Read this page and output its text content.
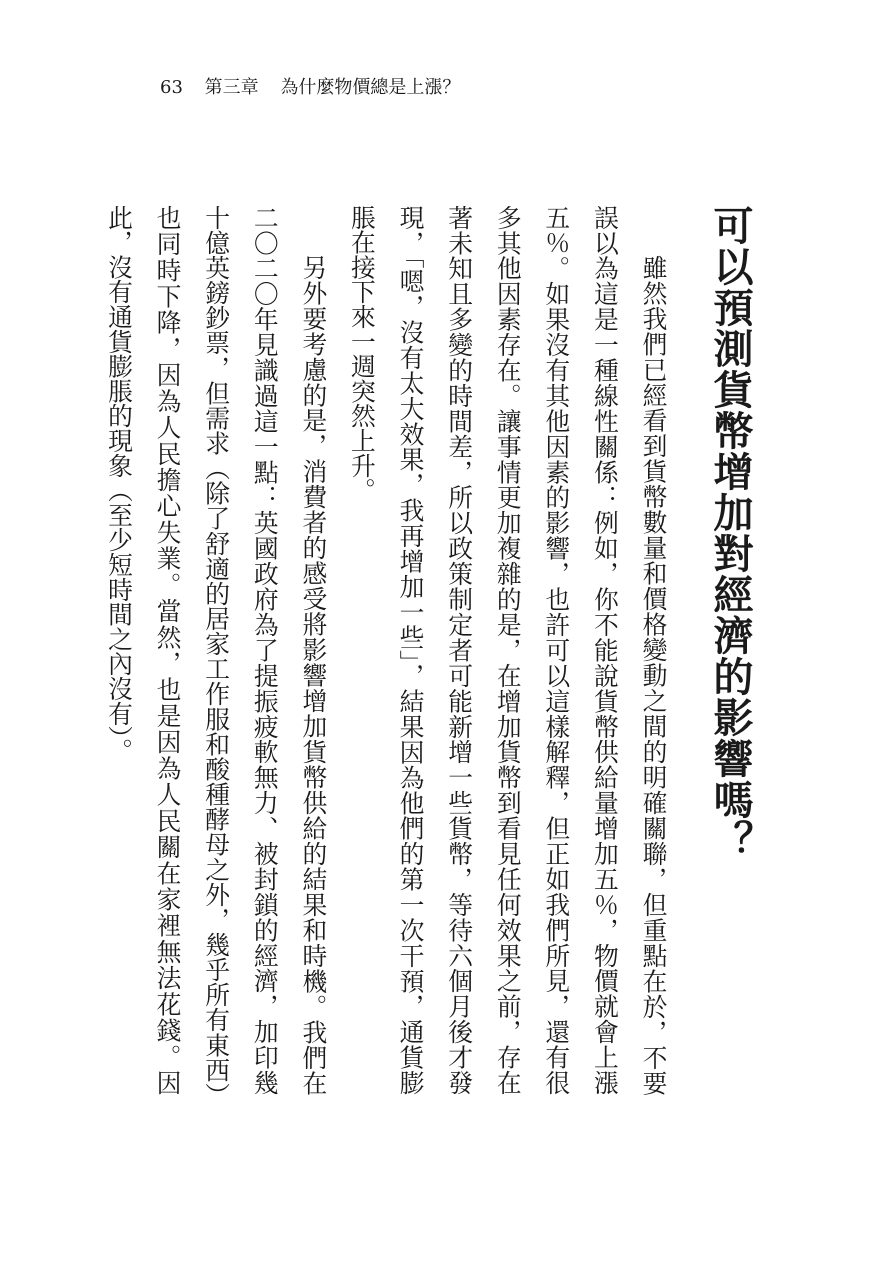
63 第三章 為什麼物價總是上漲？
可以預測貨幣增加對經濟的影響嗎？

雖然我們已經看到貨幣數量和價格變動之間的明確關聯，但重點在於，不要誤以為這是一種線性關係：例如，你不能說貨幣供給量增加五％，物價就會上漲五％。如果沒有其他因素的影響，也許可以這樣解釋，但正如我們所見，還有很多其他因素存在。讓事情更加複雜的是，在增加貨幣到看見任何效果之前，存在著未知且多變的時間差，所以政策制定者可能新增一些貨幣，等待六個月後才發現，「嗯，沒有太大效果，我再增加一些」，結果因為他們的第一次干預，通貨膨脹在接下來一週突然上升。

另外要考慮的是，消費者的感受將影響增加貨幣供給的結果和時機。我們在二〇二〇年見識過這一點：英國政府為了提振疲軟無力、被封鎖的經濟，加印幾十億英鎊鈔票，但需求（除了舒適的居家工作服和酸種酵母之外，幾乎所有東西）也同時下降，因為人民擔心失業。當然，也是因為人民關在家裡無法花錢。因此，沒有通貨膨脹的現象（至少短時間之內沒有）。
